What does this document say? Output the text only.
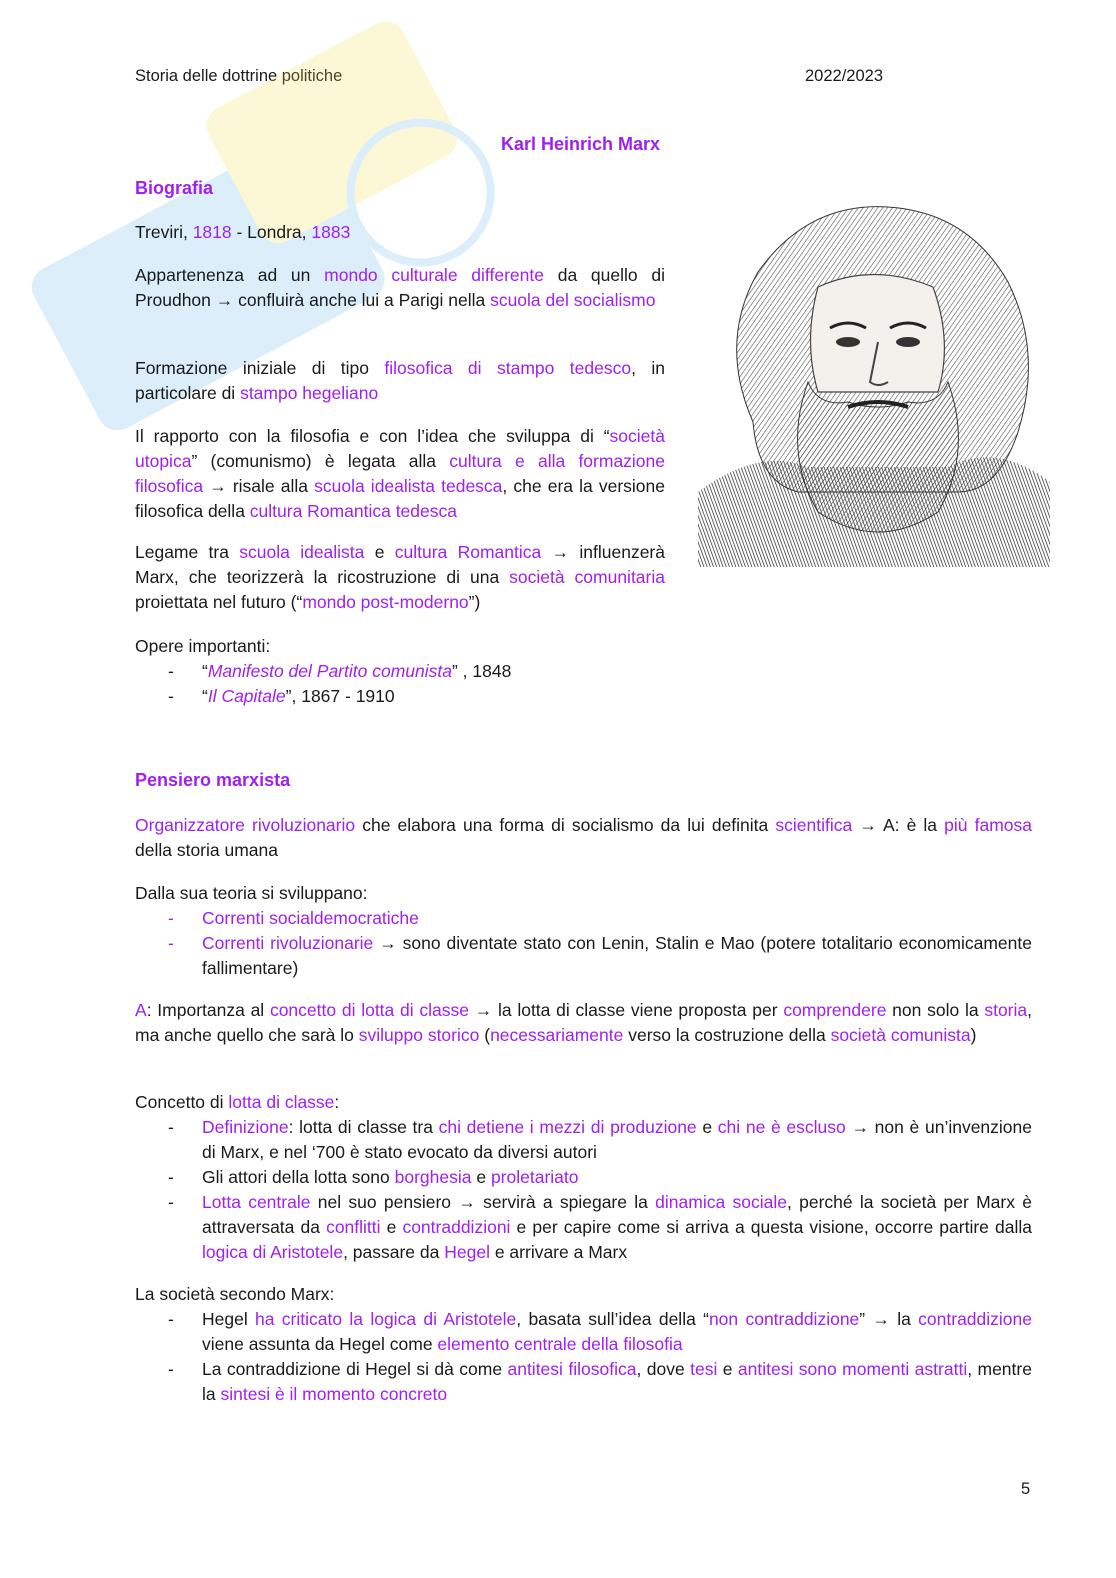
Storia delle dottrine politiche	2022/2023
Karl Heinrich Marx
Biografia
Treviri, 1818 - Londra, 1883
Appartenenza ad un mondo culturale differente da quello di Proudhon → confluirà anche lui a Parigi nella scuola del socialismo
Formazione iniziale di tipo filosofica di stampo tedesco, in particolare di stampo hegeliano
Il rapporto con la filosofia e con l’idea che sviluppa di “società utopica” (comunismo) è legata alla cultura e alla formazione filosofica → risale alla scuola idealista tedesca, che era la versione filosofica della cultura Romantica tedesca
Legame tra scuola idealista e cultura Romantica → influenzerà Marx, che teorizzerà la ricostruzione di una società comunitaria proiettata nel futuro (“mondo post-moderno”)
Opere importanti:
- “Manifesto del Partito comunista” , 1848
- “Il Capitale”, 1867 - 1910
Pensiero marxista
Organizzatore rivoluzionario che elabora una forma di socialismo da lui definita scientifica → A: è la più famosa della storia umana
Dalla sua teoria si sviluppano:
- Correnti socialdemocratiche
- Correnti rivoluzionarie → sono diventate stato con Lenin, Stalin e Mao (potere totalitario economicamente fallimentare)
A: Importanza al concetto di lotta di classe → la lotta di classe viene proposta per comprendere non solo la storia, ma anche quello che sarà lo sviluppo storico (necessariamente verso la costruzione della società comunista)
Concetto di lotta di classe:
- Definizione: lotta di classe tra chi detiene i mezzi di produzione e chi ne è escluso → non è un’invenzione di Marx, e nel ‘700 è stato evocato da diversi autori
- Gli attori della lotta sono borghesia e proletariato
- Lotta centrale nel suo pensiero → servirà a spiegare la dinamica sociale, perché la società per Marx è attraversata da conflitti e contraddizioni e per capire come si arriva a questa visione, occorre partire dalla logica di Aristotele, passare da Hegel e arrivare a Marx
La società secondo Marx:
- Hegel ha criticato la logica di Aristotele, basata sull’idea della “non contraddizione” → la contraddizione viene assunta da Hegel come elemento centrale della filosofia
- La contraddizione di Hegel si dà come antitesi filosofica, dove tesi e antitesi sono momenti astratti, mentre la sintesi è il momento concreto
5
